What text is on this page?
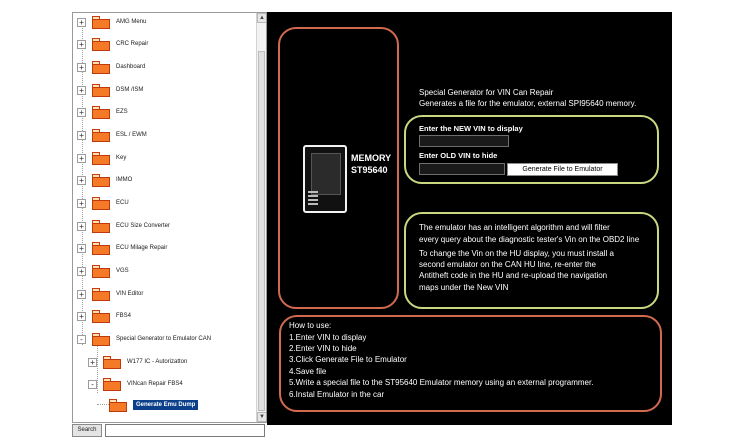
+	AMG Menu
+	CRC Repair
+	Dashboard
+	DSM /ISM
+	EZS
+	ESL / EWM
+	Key
+	IMMO
+	ECU
+	ECU Size Converter
+	ECU Milage Repair
+	VGS
+	VIN Editor
+	FBS4
-	Special Generator to Emulator CAN
+	W177 IC - Autorizatton
-	VINcan Repair FBS4
Generate Emu Dump
▲
▼
Search
MEMORY
ST95640
Special Generator for VIN Can Repair
Generates a file for the emulator, external SPI95640 memory.
Enter the NEW VIN to display
Enter OLD VIN to hide
Generate File to Emulator
The emulator has an intelligent algorithm and will filter
every query about the diagnostic tester's Vin on the OBD2 line
To change the Vin on the HU display, you must install a
second emulator on the CAN HU line, re-enter the
Antitheft code in the HU and re-upload the navigation
maps under the New VIN
How to use:
1.Enter VIN to display
2.Enter VIN to hide
3.Click Generate File to Emulator
4.Save file
5.Write a special file to the ST95640 Emulator memory using an external programmer.
6.Instal Emulator in the car
